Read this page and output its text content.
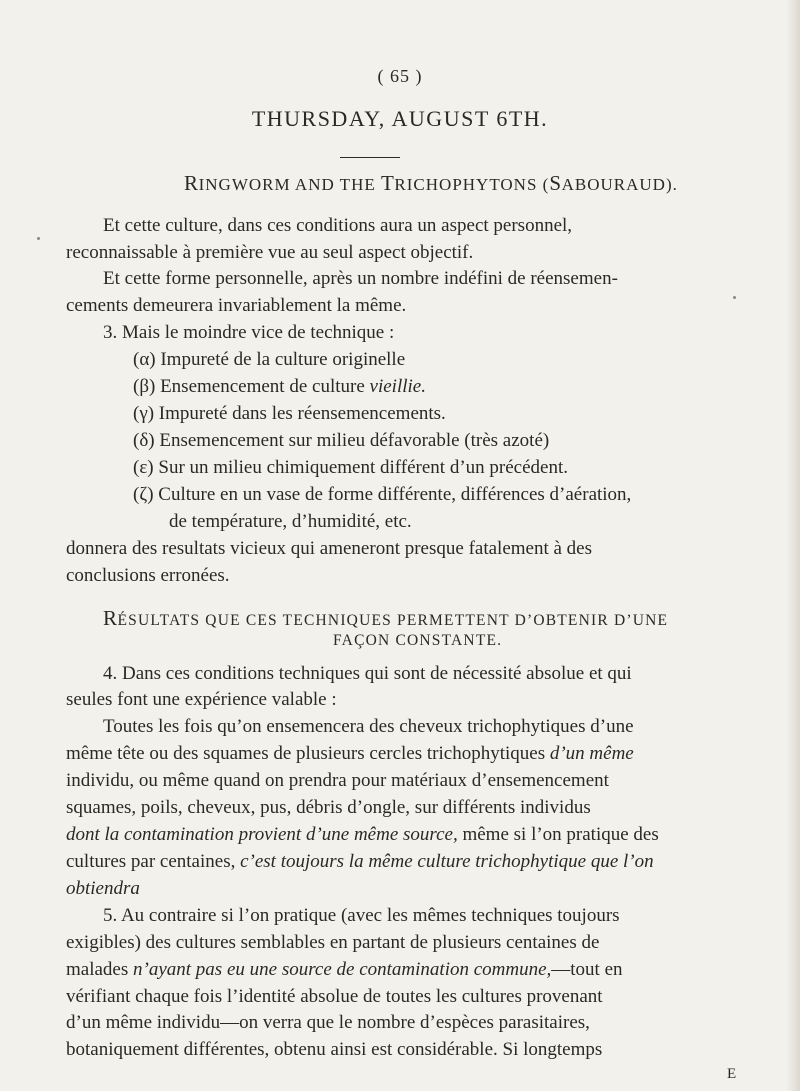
( 65 )
THURSDAY, AUGUST 6TH.
RINGWORM AND THE TRICHOPHYTONS (SABOURAUD).
Et cette culture, dans ces conditions aura un aspect personnel,
reconnaissable à première vue au seul aspect objectif.
Et cette forme personnelle, après un nombre indéfini de réensemen-
cements demeurera invariablement la même.
3. Mais le moindre vice de technique :
(α) Impureté de la culture originelle
(β) Ensemencement de culture vieillie.
(γ) Impureté dans les réensemencements.
(δ) Ensemencement sur milieu défavorable (très azoté)
(ε) Sur un milieu chimiquement différent d’un précédent.
(ζ) Culture en un vase de forme différente, différences d’aération,
de température, d’humidité, etc.
donnera des resultats vicieux qui ameneront presque fatalement à des
conclusions erronées.
RÉSULTATS QUE CES TECHNIQUES PERMETTENT D’OBTENIR D’UNE
FAÇON CONSTANTE.
4. Dans ces conditions techniques qui sont de nécessité absolue et qui
seules font une expérience valable :
Toutes les fois qu’on ensemencera des cheveux trichophytiques d’une
même tête ou des squames de plusieurs cercles trichophytiques d’un même
individu, ou même quand on prendra pour matériaux d’ensemencement
squames, poils, cheveux, pus, débris d’ongle, sur différents individus
dont la contamination provient d’une même source, même si l’on pratique des
cultures par centaines, c’est toujours la même culture trichophytique que l’on
obtiendra
5. Au contraire si l’on pratique (avec les mêmes techniques toujours
exigibles) des cultures semblables en partant de plusieurs centaines de
malades n’ayant pas eu une source de contamination commune,—tout en
vérifiant chaque fois l’identité absolue de toutes les cultures provenant
d’un même individu—on verra que le nombre d’espèces parasitaires,
botaniquement différentes, obtenu ainsi est considérable. Si longtemps
E
